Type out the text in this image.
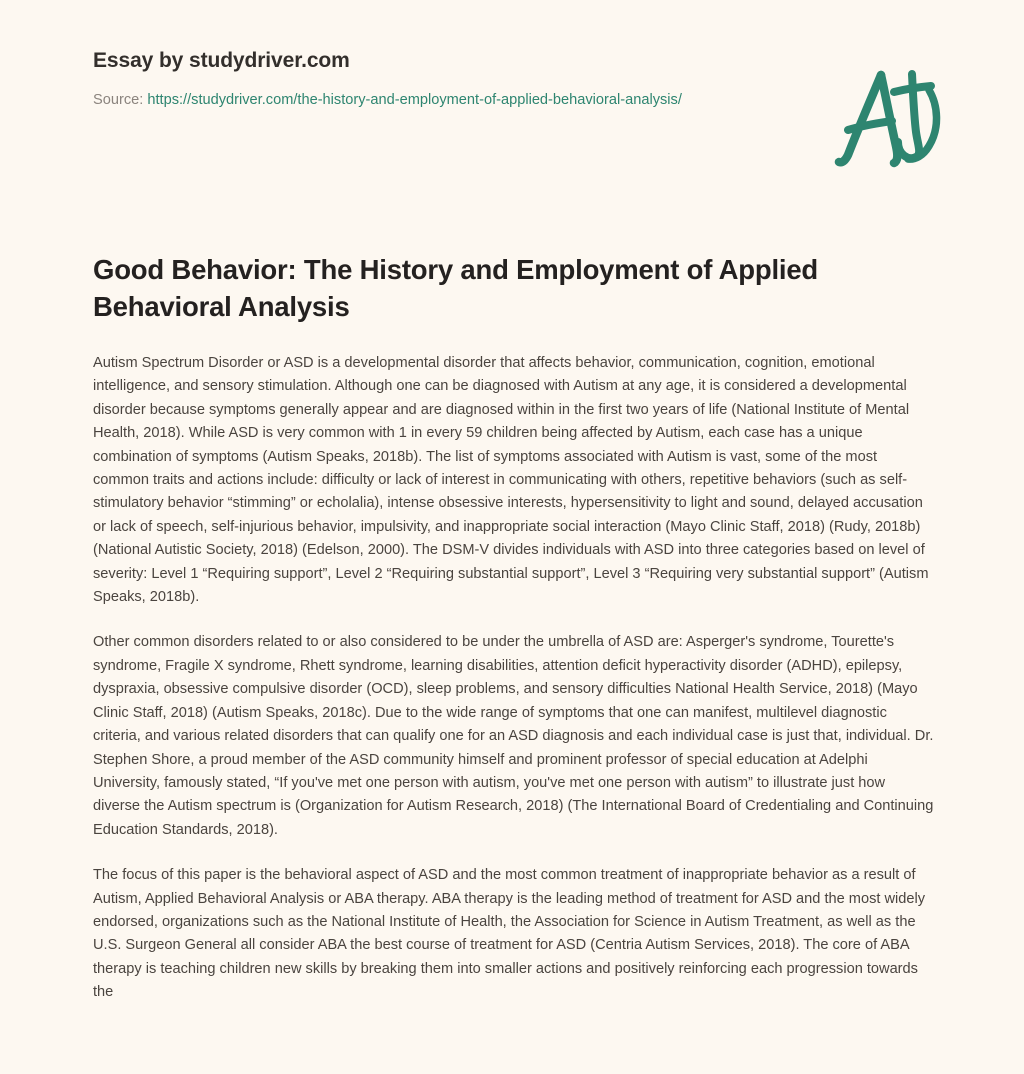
Essay by studydriver.com
Source: https://studydriver.com/the-history-and-employment-of-applied-behavioral-analysis/
Good Behavior: The History and Employment of Applied Behavioral Analysis

Autism Spectrum Disorder or ASD is a developmental disorder that affects behavior, communication, cognition, emotional intelligence, and sensory stimulation. Although one can be diagnosed with Autism at any age, it is considered a developmental disorder because symptoms generally appear and are diagnosed within in the first two years of life (National Institute of Mental Health, 2018). While ASD is very common with 1 in every 59 children being affected by Autism, each case has a unique combination of symptoms (Autism Speaks, 2018b). The list of symptoms associated with Autism is vast, some of the most common traits and actions include: difficulty or lack of interest in communicating with others, repetitive behaviors (such as self-stimulatory behavior “stimming” or echolalia), intense obsessive interests, hypersensitivity to light and sound, delayed accusation or lack of speech, self-injurious behavior, impulsivity, and inappropriate social interaction (Mayo Clinic Staff, 2018) (Rudy, 2018b) (National Autistic Society, 2018) (Edelson, 2000). The DSM-V divides individuals with ASD into three categories based on level of severity: Level 1 “Requiring support”, Level 2 “Requiring substantial support”, Level 3 “Requiring very substantial support” (Autism Speaks, 2018b).

Other common disorders related to or also considered to be under the umbrella of ASD are: Asperger's syndrome, Tourette's syndrome, Fragile X syndrome, Rhett syndrome, learning disabilities, attention deficit hyperactivity disorder (ADHD), epilepsy, dyspraxia, obsessive compulsive disorder (OCD), sleep problems, and sensory difficulties National Health Service, 2018) (Mayo Clinic Staff, 2018) (Autism Speaks, 2018c). Due to the wide range of symptoms that one can manifest, multilevel diagnostic criteria, and various related disorders that can qualify one for an ASD diagnosis and each individual case is just that, individual. Dr. Stephen Shore, a proud member of the ASD community himself and prominent professor of special education at Adelphi University, famously stated, “If you've met one person with autism, you've met one person with autism” to illustrate just how diverse the Autism spectrum is (Organization for Autism Research, 2018) (The International Board of Credentialing and Continuing Education Standards, 2018).

The focus of this paper is the behavioral aspect of ASD and the most common treatment of inappropriate behavior as a result of Autism, Applied Behavioral Analysis or ABA therapy. ABA therapy is the leading method of treatment for ASD and the most widely endorsed, organizations such as the National Institute of Health, the Association for Science in Autism Treatment, as well as the U.S. Surgeon General all consider ABA the best course of treatment for ASD (Centria Autism Services, 2018). The core of ABA therapy is teaching children new skills by breaking them into smaller actions and positively reinforcing each progression towards the
